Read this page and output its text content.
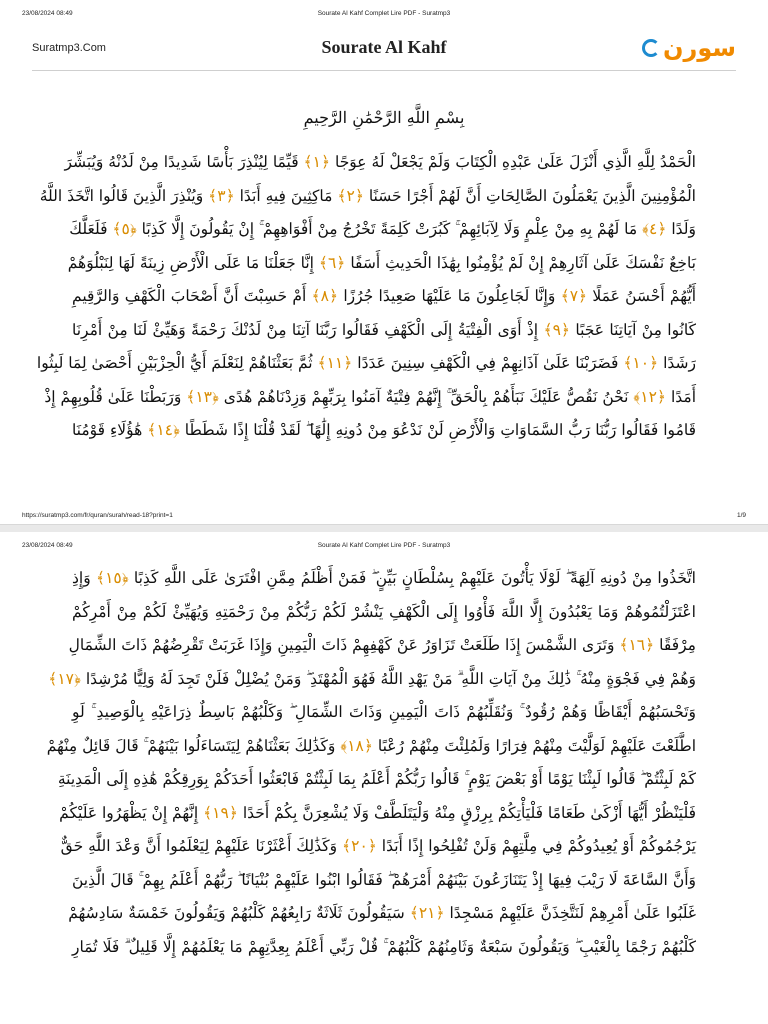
23/08/2024 08:49	Sourate Al Kahf Complet Lire PDF - Suratmp3
Suratmp3.Com	Sourate Al Kahf	سورن
بِسْمِ اللَّهِ الرَّحْمَٰنِ الرَّحِيمِ
الْحَمْدُ لِلَّهِ الَّذِي أَنْزَلَ عَلَىٰ عَبْدِهِ الْكِتَابَ وَلَمْ يَجْعَلْ لَهُ عِوَجًا ﴿١﴾ قَيِّمًا لِيُنْذِرَ بَأْسًا شَدِيدًا مِنْ لَدُنْهُ وَيُبَشِّرَ
الْمُؤْمِنِينَ الَّذِينَ يَعْمَلُونَ الصَّالِحَاتِ أَنَّ لَهُمْ أَجْرًا حَسَنًا ﴿٢﴾ مَاكِثِينَ فِيهِ أَبَدًا ﴿٣﴾ وَيُنْذِرَ الَّذِينَ قَالُوا اتَّخَذَ اللَّهُ
وَلَدًا ﴿٤﴾ مَا لَهُمْ بِهِ مِنْ عِلْمٍ وَلَا لِآبَائِهِمْ ۚ كَبُرَتْ كَلِمَةً تَخْرُجُ مِنْ أَفْوَاهِهِمْ ۚ إِنْ يَقُولُونَ إِلَّا كَذِبًا ﴿٥﴾ فَلَعَلَّكَ
بَاخِعٌ نَفْسَكَ عَلَىٰ آثَارِهِمْ إِنْ لَمْ يُؤْمِنُوا بِهَٰذَا الْحَدِيثِ أَسَفًا ﴿٦﴾ إِنَّا جَعَلْنَا مَا عَلَى الْأَرْضِ زِينَةً لَهَا لِنَبْلُوَهُمْ
أَيُّهُمْ أَحْسَنُ عَمَلًا ﴿٧﴾ وَإِنَّا لَجَاعِلُونَ مَا عَلَيْهَا صَعِيدًا جُرُزًا ﴿٨﴾ أَمْ حَسِبْتَ أَنَّ أَصْحَابَ الْكَهْفِ وَالرَّقِيمِ
كَانُوا مِنْ آيَاتِنَا عَجَبًا ﴿٩﴾ إِذْ أَوَى الْفِتْيَةُ إِلَى الْكَهْفِ فَقَالُوا رَبَّنَا آتِنَا مِنْ لَدُنْكَ رَحْمَةً وَهَيِّئْ لَنَا مِنْ أَمْرِنَا
رَشَدًا ﴿١٠﴾ فَضَرَبْنَا عَلَىٰ آذَانِهِمْ فِي الْكَهْفِ سِنِينَ عَدَدًا ﴿١١﴾ ثُمَّ بَعَثْنَاهُمْ لِنَعْلَمَ أَيُّ الْحِزْبَيْنِ أَحْصَىٰ لِمَا لَبِثُوا
أَمَدًا ﴿١٢﴾ نَحْنُ نَقُصُّ عَلَيْكَ نَبَأَهُمْ بِالْحَقِّ ۚ إِنَّهُمْ فِتْيَةٌ آمَنُوا بِرَبِّهِمْ وَزِدْنَاهُمْ هُدًى ﴿١٣﴾ وَرَبَطْنَا عَلَىٰ قُلُوبِهِمْ إِذْ
قَامُوا فَقَالُوا رَبُّنَا رَبُّ السَّمَاوَاتِ وَالْأَرْضِ لَنْ نَدْعُوَ مِنْ دُونِهِ إِلَٰهًا ۖ لَقَدْ قُلْنَا إِذًا شَطَطًا ﴿١٤﴾ هَٰؤُلَاءِ قَوْمُنَا
https://suratmp3.com/fr/quran/surah/read-18?print=1	1/9
23/08/2024 08:49	Sourate Al Kahf Complet Lire PDF - Suratmp3
اتَّخَذُوا مِنْ دُونِهِ آلِهَةً ۖ لَوْلَا يَأْتُونَ عَلَيْهِمْ بِسُلْطَانٍ بَيِّنٍ ۖ فَمَنْ أَظْلَمُ مِمَّنِ افْتَرَىٰ عَلَى اللَّهِ كَذِبًا ﴿١٥﴾ وَإِذِ
اعْتَزَلْتُمُوهُمْ وَمَا يَعْبُدُونَ إِلَّا اللَّهَ فَأْوُوا إِلَى الْكَهْفِ يَنْشُرْ لَكُمْ رَبُّكُمْ مِنْ رَحْمَتِهِ وَيُهَيِّئْ لَكُمْ مِنْ أَمْرِكُمْ
مِرْفَقًا ﴿١٦﴾ وَتَرَى الشَّمْسَ إِذَا طَلَعَتْ تَزَاوَرُ عَنْ كَهْفِهِمْ ذَاتَ الْيَمِينِ وَإِذَا غَرَبَتْ تَقْرِضُهُمْ ذَاتَ الشِّمَالِ
وَهُمْ فِي فَجْوَةٍ مِنْهُ ۚ ذَٰلِكَ مِنْ آيَاتِ اللَّهِ ۗ مَنْ يَهْدِ اللَّهُ فَهُوَ الْمُهْتَدِ ۖ وَمَنْ يُضْلِلْ فَلَنْ تَجِدَ لَهُ وَلِيًّا مُرْشِدًا ﴿١٧﴾
وَتَحْسَبُهُمْ أَيْقَاظًا وَهُمْ رُقُودٌ ۚ وَنُقَلِّبُهُمْ ذَاتَ الْيَمِينِ وَذَاتَ الشِّمَالِ ۖ وَكَلْبُهُمْ بَاسِطٌ ذِرَاعَيْهِ بِالْوَصِيدِ ۚ لَوِ
اطَّلَعْتَ عَلَيْهِمْ لَوَلَّيْتَ مِنْهُمْ فِرَارًا وَلَمُلِئْتَ مِنْهُمْ رُعْبًا ﴿١٨﴾ وَكَذَٰلِكَ بَعَثْنَاهُمْ لِيَتَسَاءَلُوا بَيْنَهُمْ ۚ قَالَ قَائِلٌ مِنْهُمْ
كَمْ لَبِثْتُمْ ۖ قَالُوا لَبِثْنَا يَوْمًا أَوْ بَعْضَ يَوْمٍ ۚ قَالُوا رَبُّكُمْ أَعْلَمُ بِمَا لَبِثْتُمْ فَابْعَثُوا أَحَدَكُمْ بِوَرِقِكُمْ هَٰذِهِ إِلَى الْمَدِينَةِ
فَلْيَنْظُرْ أَيُّهَا أَزْكَىٰ طَعَامًا فَلْيَأْتِكُمْ بِرِزْقٍ مِنْهُ وَلْيَتَلَطَّفْ وَلَا يُشْعِرَنَّ بِكُمْ أَحَدًا ﴿١٩﴾ إِنَّهُمْ إِنْ يَظْهَرُوا عَلَيْكُمْ
يَرْجُمُوكُمْ أَوْ يُعِيدُوكُمْ فِي مِلَّتِهِمْ وَلَنْ تُفْلِحُوا إِذًا أَبَدًا ﴿٢٠﴾ وَكَذَٰلِكَ أَعْثَرْنَا عَلَيْهِمْ لِيَعْلَمُوا أَنَّ وَعْدَ اللَّهِ حَقٌّ
وَأَنَّ السَّاعَةَ لَا رَيْبَ فِيهَا إِذْ يَتَنَازَعُونَ بَيْنَهُمْ أَمْرَهُمْ ۖ فَقَالُوا ابْنُوا عَلَيْهِمْ بُنْيَانًا ۖ رَبُّهُمْ أَعْلَمُ بِهِمْ ۚ قَالَ الَّذِينَ
غَلَبُوا عَلَىٰ أَمْرِهِمْ لَنَتَّخِذَنَّ عَلَيْهِمْ مَسْجِدًا ﴿٢١﴾ سَيَقُولُونَ ثَلَاثَةٌ رَابِعُهُمْ كَلْبُهُمْ وَيَقُولُونَ خَمْسَةٌ سَادِسُهُمْ
كَلْبُهُمْ رَجْمًا بِالْغَيْبِ ۖ وَيَقُولُونَ سَبْعَةٌ وَثَامِنُهُمْ كَلْبُهُمْ ۚ قُلْ رَبِّي أَعْلَمُ بِعِدَّتِهِمْ مَا يَعْلَمُهُمْ إِلَّا قَلِيلٌ ۗ فَلَا تُمَارِ
